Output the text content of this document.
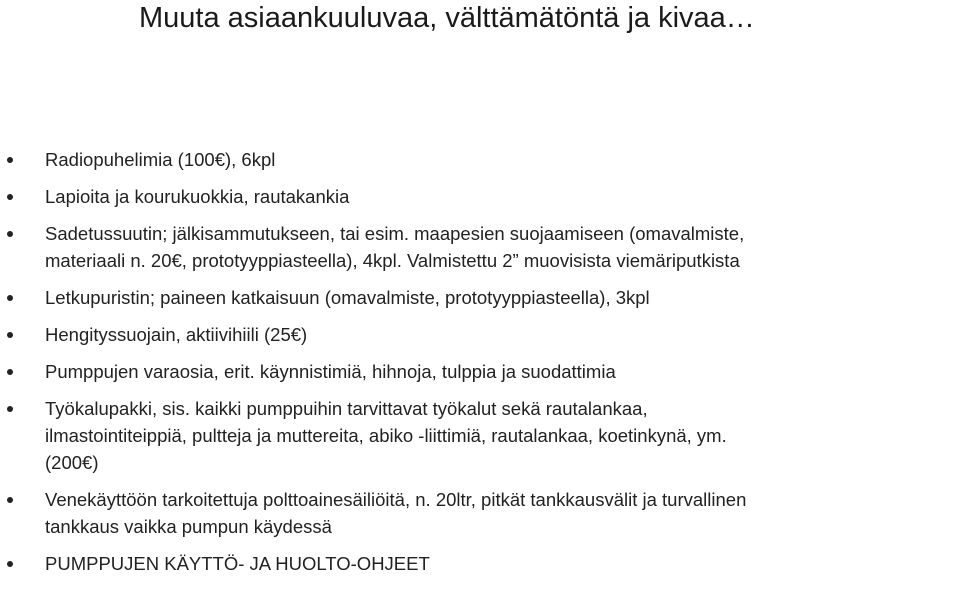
Muuta asiaankuuluvaa, välttämätöntä ja kivaa…
Radiopuhelimia (100€), 6kpl
Lapioita ja kourukuokkia, rautakankia
Sadetussuutin; jälkisammutukseen, tai esim. maapesien suojaamiseen (omavalmiste,
materiaali n. 20€, prototyyppiasteella), 4kpl. Valmistettu 2” muovisista viemäriputkista
Letkupuristin; paineen katkaisuun (omavalmiste, prototyyppiasteella), 3kpl
Hengityssuojain, aktiivihiili (25€)
Pumppujen varaosia, erit. käynnistimiä, hihnoja, tulppia ja suodattimia
Työkalupakki, sis. kaikki pumppuihin tarvittavat työkalut sekä rautalankaa,
ilmastointiteippiä, pultteja ja muttereita, abiko -liittimiä, rautalankaa, koetinkynä, ym.
(200€)
Venekäyttöön tarkoitettuja polttoainesäiliöitä, n. 20ltr, pitkät tankkausvälit ja turvallinen
tankkaus vaikka pumpun käydessä
PUMPPUJEN KÄYTTÖ- JA HUOLTO-OHJEET
